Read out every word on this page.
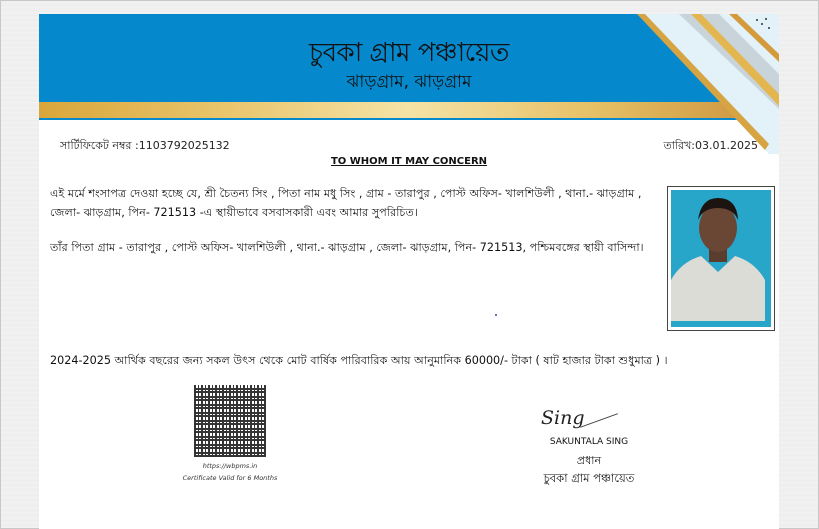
চুবকা গ্রাম পঞ্চায়েত
ঝাড়গ্রাম, ঝাড়গ্রাম
সার্টিফিকেট নম্বর :1103792025132	তারিখ:03.01.2025
TO WHOM IT MAY CONCERN
এই মর্মে শংসাপত্র দেওয়া হচ্ছে যে, শ্রী চৈতন্য সিং , পিতা নাম মধু সিং , গ্রাম - তারাপুর , পোস্ট অফিস- খালশিউলী , থানা.- ঝাড়গ্রাম ,
জেলা- ঝাড়গ্রাম, পিন- 721513 -এ স্থায়ীভাবে বসবাসকারী এবং আমার সুপরিচিত।
তাঁর পিতা গ্রাম - তারাপুর , পোস্ট অফিস- খালশিউলী , থানা.- ঝাড়গ্রাম , জেলা- ঝাড়গ্রাম, পিন- 721513, পশ্চিমবঙ্গের স্থায়ী বাসিন্দা।
2024-2025 আর্থিক বছরের জন্য সকল উৎস থেকে মোট বার্ষিক পারিবারিক আয় আনুমানিক 60000/- টাকা ( ষাট হাজার টাকা শুধুমাত্র ) ।
https://wbpms.in
Certificate Valid for 6 Months
Sing
SAKUNTALA SING
প্রধান
চুবকা গ্রাম পঞ্চায়েত
